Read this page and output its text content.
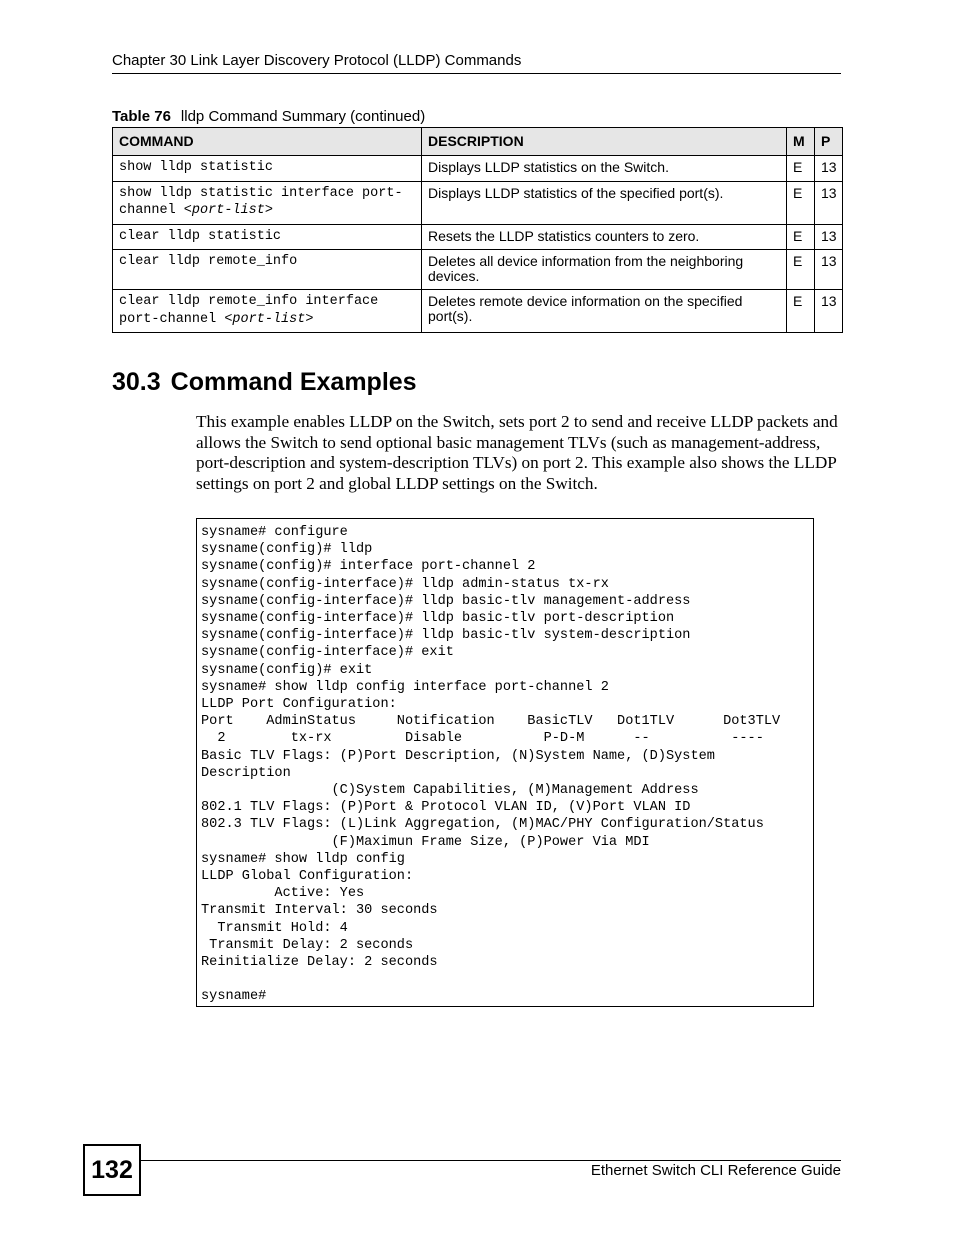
Chapter 30 Link Layer Discovery Protocol (LLDP) Commands
Table 76 lldp Command Summary (continued)
COMMAND	DESCRIPTION	M	P
show lldp statistic	Displays LLDP statistics on the Switch.	E	13
show lldp statistic interface port-channel <port-list>	Displays LLDP statistics of the specified port(s).	E	13
clear lldp statistic	Resets the LLDP statistics counters to zero.	E	13
clear lldp remote_info	Deletes all device information from the neighboring devices.	E	13
clear lldp remote_info interface port-channel <port-list>	Deletes remote device information on the specified port(s).	E	13
30.3 Command Examples
This example enables LLDP on the Switch, sets port 2 to send and receive LLDP packets and allows the Switch to send optional basic management TLVs (such as management-address, port-description and system-description TLVs) on port 2. This example also shows the LLDP settings on port 2 and global LLDP settings on the Switch.
sysname# configure
sysname(config)# lldp
sysname(config)# interface port-channel 2
sysname(config-interface)# lldp admin-status tx-rx
sysname(config-interface)# lldp basic-tlv management-address
sysname(config-interface)# lldp basic-tlv port-description
sysname(config-interface)# lldp basic-tlv system-description
sysname(config-interface)# exit
sysname(config)# exit
sysname# show lldp config interface port-channel 2
LLDP Port Configuration:
Port    AdminStatus     Notification    BasicTLV   Dot1TLV      Dot3TLV
2        tx-rx         Disable          P-D-M      --          ----
Basic TLV Flags: (P)Port Description, (N)System Name, (D)System
Description
(C)System Capabilities, (M)Management Address
802.1 TLV Flags: (P)Port & Protocol VLAN ID, (V)Port VLAN ID
802.3 TLV Flags: (L)Link Aggregation, (M)MAC/PHY Configuration/Status
(F)Maximun Frame Size, (P)Power Via MDI
sysname# show lldp config
LLDP Global Configuration:
Active: Yes
Transmit Interval: 30 seconds
Transmit Hold: 4
Transmit Delay: 2 seconds
Reinitialize Delay: 2 seconds

sysname#
132	Ethernet Switch CLI Reference Guide
